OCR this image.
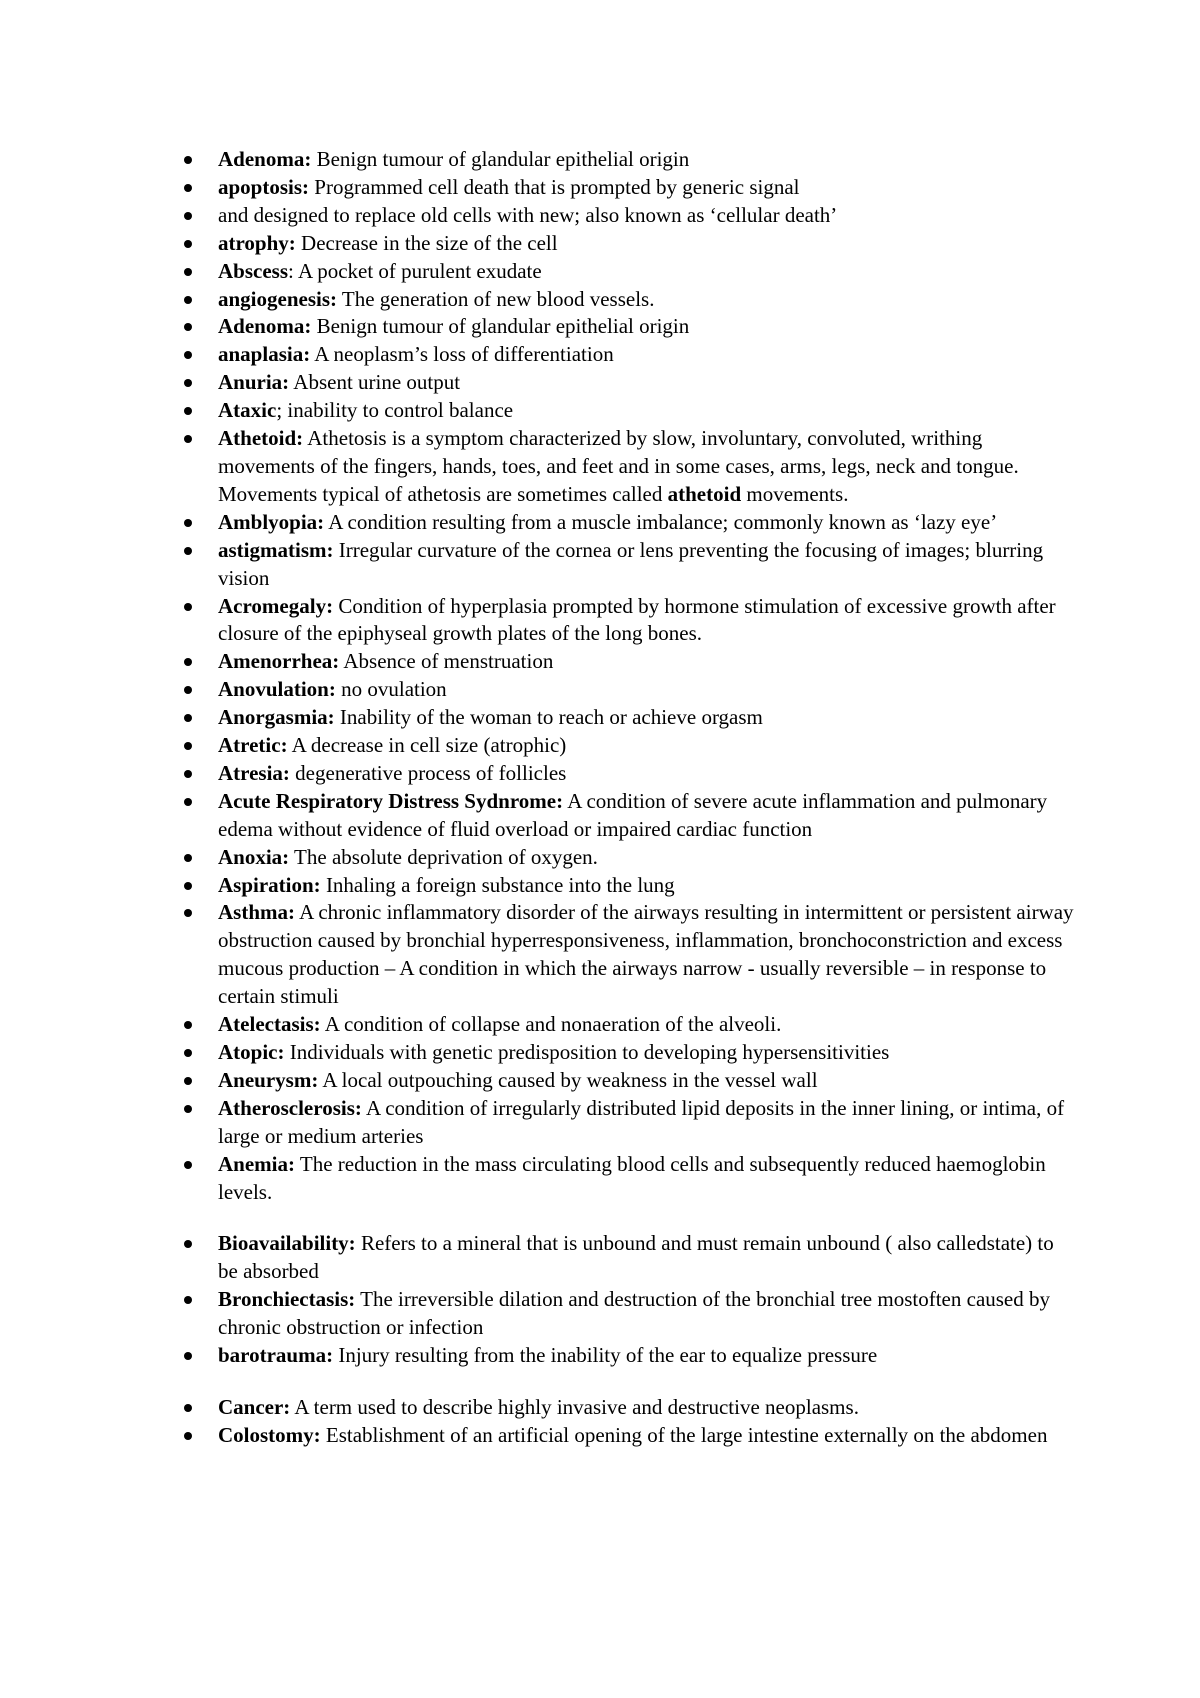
Adenoma: Benign tumour of glandular epithelial origin
apoptosis: Programmed cell death that is prompted by generic signal
and designed to replace old cells with new; also known as ‘cellular death’
atrophy: Decrease in the size of the cell
Abscess: A pocket of purulent exudate
angiogenesis: The generation of new blood vessels.
Adenoma: Benign tumour of glandular epithelial origin
anaplasia: A neoplasm’s loss of differentiation
Anuria: Absent urine output
Ataxic; inability to control balance
Athetoid: Athetosis is a symptom characterized by slow, involuntary, convoluted, writhing movements of the fingers, hands, toes, and feet and in some cases, arms, legs, neck and tongue. Movements typical of athetosis are sometimes called athetoid movements.
Amblyopia: A condition resulting from a muscle imbalance; commonly known as ‘lazy eye’
astigmatism: Irregular curvature of the cornea or lens preventing the focusing of images; blurring vision
Acromegaly: Condition of hyperplasia prompted by hormone stimulation of excessive growth after closure of the epiphyseal growth plates of the long bones.
Amenorrhea: Absence of menstruation
Anovulation: no ovulation
Anorgasmia: Inability of the woman to reach or achieve orgasm
Atretic: A decrease in cell size (atrophic)
Atresia: degenerative process of follicles
Acute Respiratory Distress Sydnrome: A condition of severe acute inflammation and pulmonary edema without evidence of fluid overload or impaired cardiac function
Anoxia: The absolute deprivation of oxygen.
Aspiration: Inhaling a foreign substance into the lung
Asthma: A chronic inflammatory disorder of the airways resulting in intermittent or persistent airway obstruction caused by bronchial hyperresponsiveness, inflammation, bronchoconstriction and excess mucous production – A condition in which the airways narrow - usually reversible – in response to certain stimuli
Atelectasis: A condition of collapse and nonaeration of the alveoli.
Atopic: Individuals with genetic predisposition to developing hypersensitivities
Aneurysm: A local outpouching caused by weakness in the vessel wall
Atherosclerosis: A condition of irregularly distributed lipid deposits in the inner lining, or intima, of large or medium arteries
Anemia: The reduction in the mass circulating blood cells and subsequently reduced haemoglobin levels.
Bioavailability: Refers to a mineral that is unbound and must remain unbound ( also calledstate) to be absorbed
Bronchiectasis: The irreversible dilation and destruction of the bronchial tree mostoften caused by chronic obstruction or infection
barotrauma: Injury resulting from the inability of the ear to equalize pressure
Cancer: A term used to describe highly invasive and destructive neoplasms.
Colostomy: Establishment of an artificial opening of the large intestine externally on the abdomen
